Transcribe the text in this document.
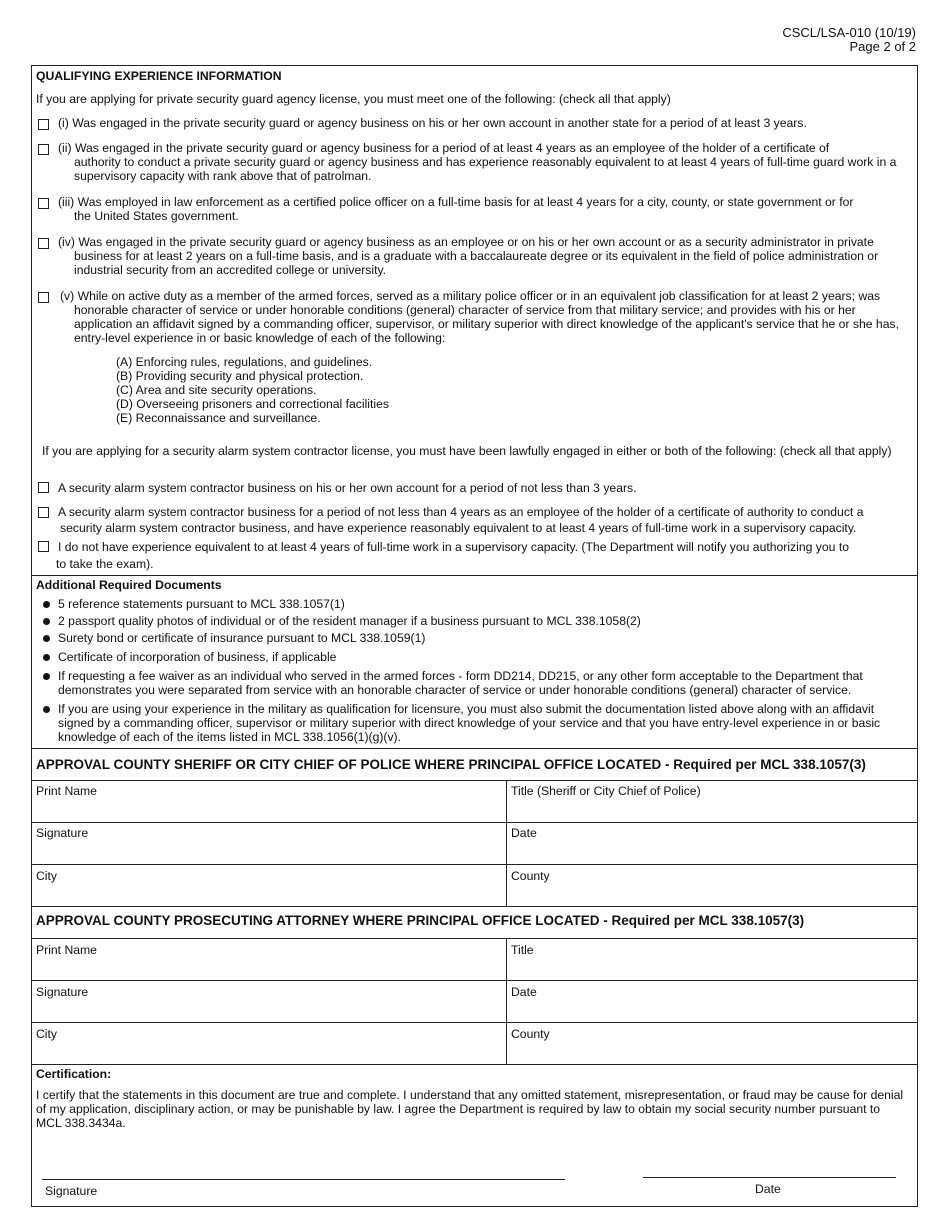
CSCL/LSA-010 (10/19)
Page 2 of 2
QUALIFYING EXPERIENCE INFORMATION
If you are applying for private security guard agency license, you must meet one of the following: (check all that apply)
(i) Was engaged in the private security guard or agency business on his or her own account in another state for a period of at least 3 years.
(ii) Was engaged in the private security guard or agency business for a period of at least 4 years as an employee of the holder of a certificate of
authority to conduct a private security guard or agency business and has experience reasonably equivalent to at least 4 years of full-time guard work in a supervisory capacity with rank above that of patrolman.
(iii) Was employed in law enforcement as a certified police officer on a full-time basis for at least 4 years for a city, county, or state government or for
the United States government.
(iv) Was engaged in the private security guard or agency business as an employee or on his or her own account or as a security administrator in private
business for at least 2 years on a full-time basis, and is a graduate with a baccalaureate degree or its equivalent in the field of police administration or industrial security from an accredited college or university.
(v) While on active duty as a member of the armed forces, served as a military police officer or in an equivalent job classification for at least 2 years; was
honorable character of service or under honorable conditions (general) character of service from that military service; and provides with his or her application an affidavit signed by a commanding officer, supervisor, or military superior with direct knowledge of the applicant's service that he or she has, entry-level experience in or basic knowledge of each of the following:
(A) Enforcing rules, regulations, and guidelines.
(B) Providing security and physical protection.
(C) Area and site security operations.
(D) Overseeing prisoners and correctional facilities
(E) Reconnaissance and surveillance.
If you are applying for a security alarm system contractor license, you must have been lawfully engaged in either or both of the following: (check all that apply)
A security alarm system contractor business on his or her own account for a period of not less than 3 years.
A security alarm system contractor business for a period of not less than 4 years as an employee of the holder of a certificate of authority to conduct a
security alarm system contractor business, and have experience reasonably equivalent to at least 4 years of full-time work in a supervisory capacity.
I do not have experience equivalent to at least 4 years of full-time work in a supervisory capacity. (The Department will notify you authorizing you to
to take the exam).
Additional Required Documents
5 reference statements pursuant to MCL 338.1057(1)
2 passport quality photos of individual or of the resident manager if a business pursuant to MCL 338.1058(2)
Surety bond or certificate of insurance pursuant to MCL 338.1059(1)
Certificate of incorporation of business, if applicable
If requesting a fee waiver as an individual who served in the armed forces - form DD214, DD215, or any other form acceptable to the Department that demonstrates you were separated from service with an honorable character of service or under honorable conditions (general) character of service.
If you are using your experience in the military as qualification for licensure, you must also submit the documentation listed above along with an affidavit signed by a commanding officer, supervisor or military superior with direct knowledge of your service and that you have entry-level experience in or basic knowledge of each of the items listed in MCL 338.1056(1)(g)(v).
APPROVAL COUNTY SHERIFF OR CITY CHIEF OF POLICE WHERE PRINCIPAL OFFICE LOCATED - Required per MCL 338.1057(3)
Print Name	Title (Sheriff or City Chief of Police)
Signature	Date
City	County
APPROVAL COUNTY PROSECUTING ATTORNEY WHERE PRINCIPAL OFFICE LOCATED - Required per MCL 338.1057(3)
Print Name	Title
Signature	Date
City	County
Certification:
I certify that the statements in this document are true and complete. I understand that any omitted statement, misrepresentation, or fraud may be cause for denial of my application, disciplinary action, or may be punishable by law. I agree the Department is required by law to obtain my social security number pursuant to MCL 338.3434a.
Signature	Date
